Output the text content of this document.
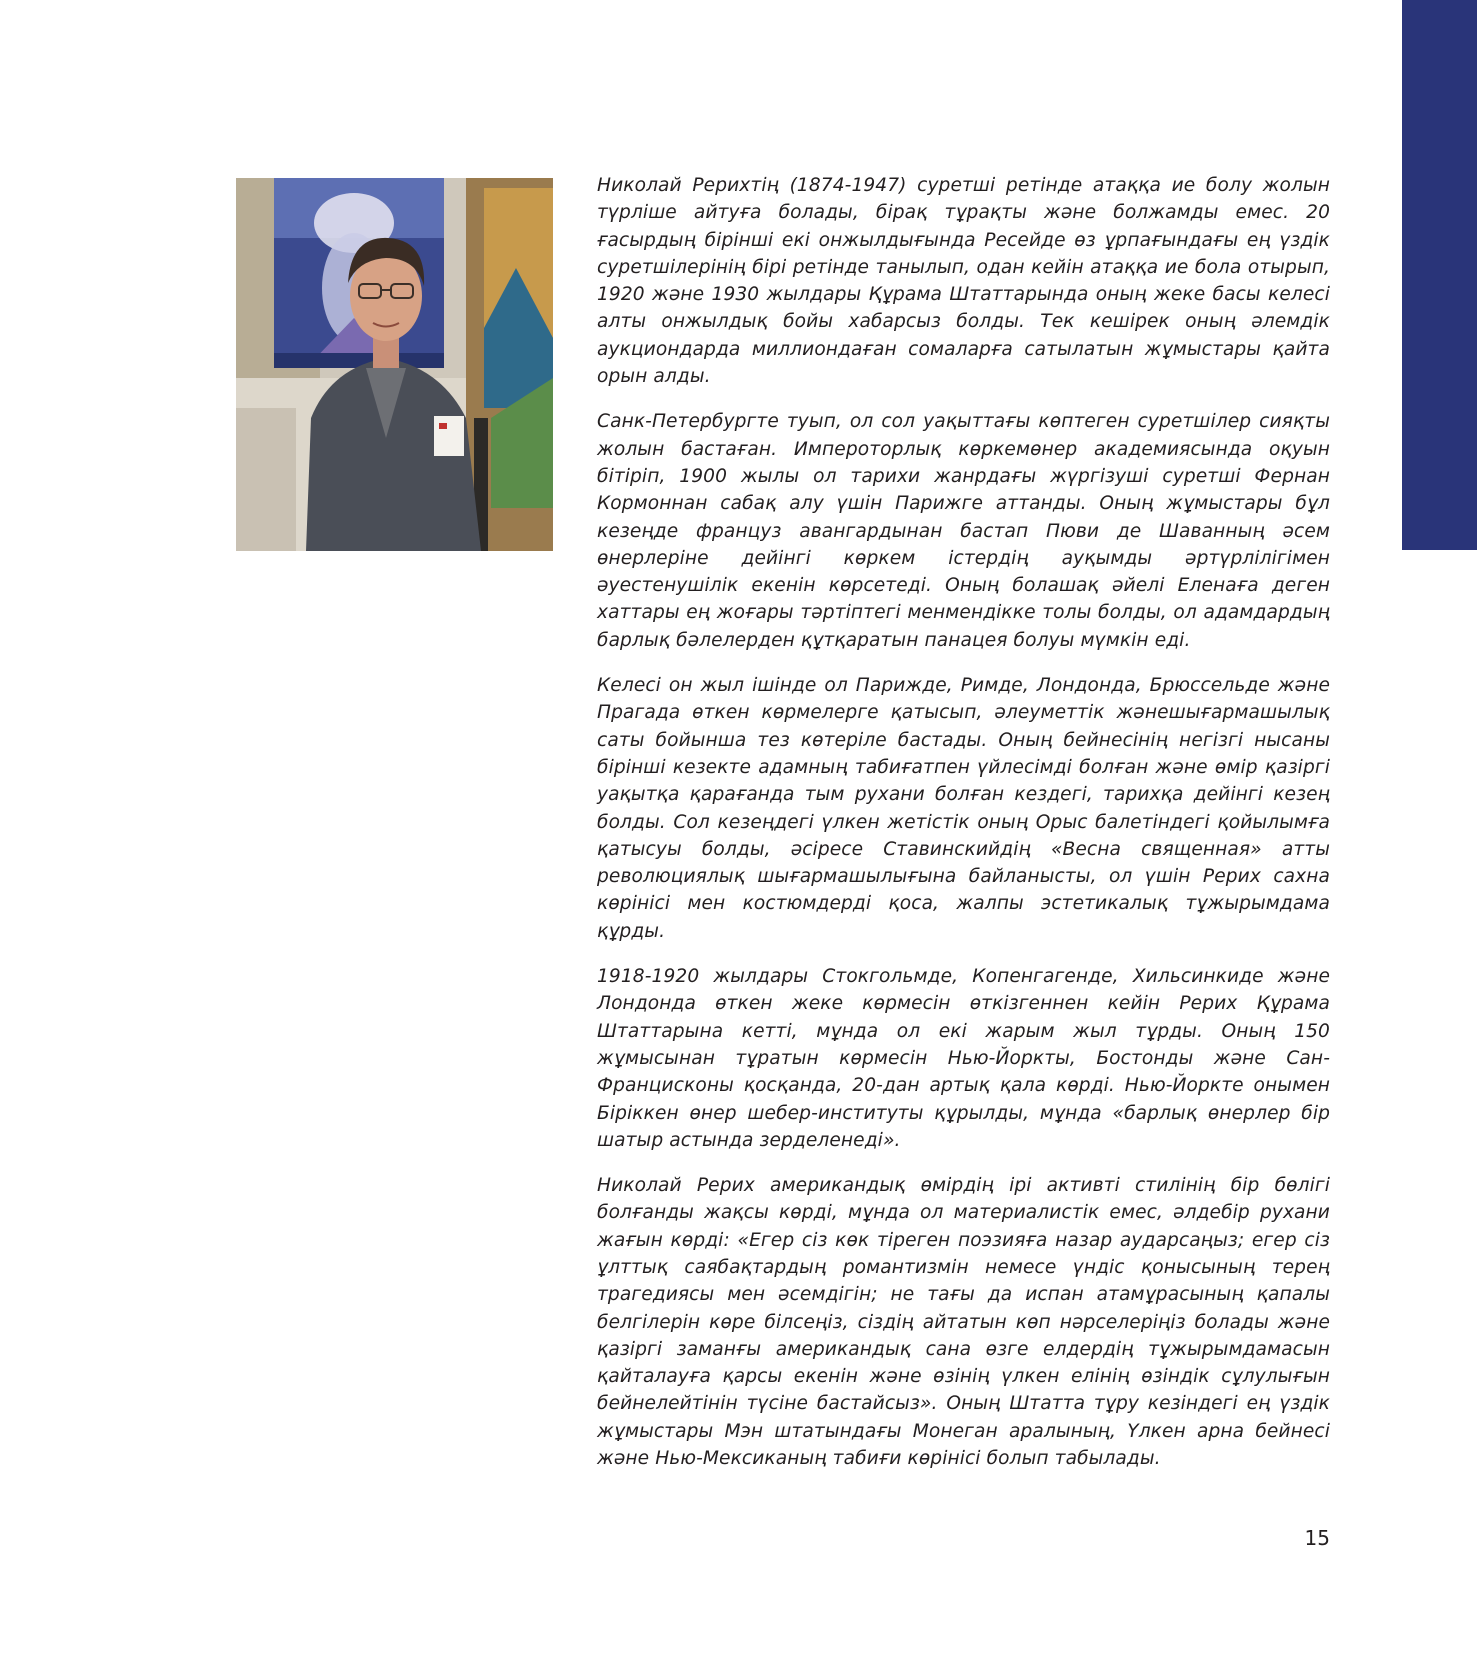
Николай Рерихтің (1874-1947) суретші ретінде атаққа ие болу жолын түрліше айтуға болады, бірақ тұрақты және болжамды емес. 20 ғасырдың бірінші екі онжылдығында Ресейде өз ұрпағындағы ең үздік суретшілерінің бірі ретінде танылып, одан кейін атаққа ие бола отырып, 1920 және 1930 жылдары Құрама Штаттарында оның жеке басы келесі алты онжылдық бойы хабарсыз болды. Тек кешірек оның әлемдік аукциондарда миллиондаған сомаларға сатылатын жұмыстары қайта орын алды.

Санк-Петербургте туып, ол сол уақыттағы көптеген суретшілер сияқты жолын бастаған. Импероторлық көркемөнер академиясында оқуын бітіріп, 1900 жылы ол тарихи жанрдағы жүргізуші суретші Фернан Кормоннан сабақ алу үшін Парижге аттанды. Оның жұмыстары бұл кезеңде француз авангардынан бастап Пюви де Шаванның әсем өнерлеріне дейінгі көркем істердің ауқымды әртүрлілігімен әуестенушілік екенін көрсетеді. Оның болашақ әйелі Еленаға деген хаттары ең жоғары тәртіптегі менмендікке толы болды, ол адамдардың барлық бәлелерден құтқаратын панацея болуы мүмкін еді.

Келесі он жыл ішінде ол Парижде, Римде, Лондонда, Брюссельде және Прагада өткен көрмелерге қатысып, әлеуметтік жәнешығармашылық саты бойынша тез көтеріле бастады. Оның бейнесінің негізгі нысаны бірінші кезекте адамның табиғатпен үйлесімді болған және өмір қазіргі уақытқа қарағанда тым рухани болған кездегі, тарихқа дейінгі кезең болды. Сол кезеңдегі үлкен жетістік оның Орыс балетіндегі қойылымға қатысуы болды, әсіресе Ставинскийдің «Весна священная» атты революциялық шығармашылығына байланысты, ол үшін Рерих сахна көрінісі мен костюмдерді қоса, жалпы эстетикалық тұжырымдама құрды.

1918-1920 жылдары Стокгольмде, Копенгагенде, Хильсинкиде және Лондонда өткен жеке көрмесін өткізгеннен кейін Рерих Құрама Штаттарына кетті, мұнда ол екі жарым жыл тұрды. Оның 150 жұмысынан тұратын көрмесін Нью-Йоркты, Бостонды және Сан-Францисконы қосқанда, 20-дан артық қала көрді. Нью-Йоркте онымен Біріккен өнер шебер-институты құрылды, мұнда «барлық өнерлер бір шатыр астында зерделенеді».

Николай Рерих американдық өмірдің ірі активті стилінің бір бөлігі болғанды жақсы көрді, мұнда ол материалистік емес, әлдебір рухани жағын көрді: «Егер сіз көк тіреген поэзияға назар аударсаңыз; егер сіз ұлттық саябақтардың романтизмін немесе үндіс қонысының терең трагедиясы мен әсемдігін; не тағы да испан атамұрасының қапалы белгілерін көре білсеңіз, сіздің айтатын көп нәрселеріңіз болады және қазіргі заманғы американдық сана өзге елдердің тұжырымдамасын қайталауға қарсы екенін және өзінің үлкен елінің өзіндік сұлулығын бейнелейтінін түсіне бастайсыз». Оның Штатта тұру кезіндегі ең үздік жұмыстары Мэн штатындағы Монеган аралының, Үлкен арна бейнесі және Нью-Мексиканың табиғи көрінісі болып табылады.

15
